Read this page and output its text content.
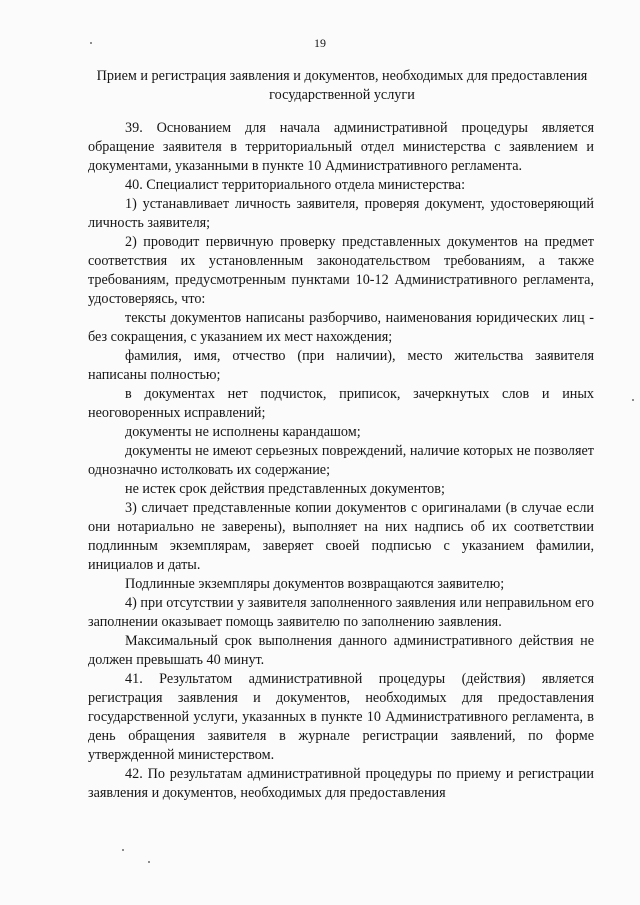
19
Прием и регистрация заявления и документов, необходимых для предоставления государственной услуги

39. Основанием для начала административной процедуры является обращение заявителя в территориальный отдел министерства с заявлением и документами, указанными в пункте 10 Административного регламента.

40. Специалист территориального отдела министерства:

1) устанавливает личность заявителя, проверяя документ, удостоверяющий личность заявителя;

2) проводит первичную проверку представленных документов на предмет соответствия их установленным законодательством требованиям, а также требованиям, предусмотренным пунктами 10-12 Административного регламента, удостоверяясь, что:

тексты документов написаны разборчиво, наименования юридических лиц - без сокращения, с указанием их мест нахождения;

фамилия, имя, отчество (при наличии), место жительства заявителя написаны полностью;

в документах нет подчисток, приписок, зачеркнутых слов и иных неоговоренных исправлений;

документы не исполнены карандашом;

документы не имеют серьезных повреждений, наличие которых не позволяет однозначно истолковать их содержание;

не истек срок действия представленных документов;

3) сличает представленные копии документов с оригиналами (в случае если они нотариально не заверены), выполняет на них надпись об их соответствии подлинным экземплярам, заверяет своей подписью с указанием фамилии, инициалов и даты.

Подлинные экземпляры документов возвращаются заявителю;

4) при отсутствии у заявителя заполненного заявления или неправильном его заполнении оказывает помощь заявителю по заполнению заявления.

Максимальный срок выполнения данного административного действия не должен превышать 40 минут.

41. Результатом административной процедуры (действия) является регистрация заявления и документов, необходимых для предоставления государственной услуги, указанных в пункте 10 Административного регламента, в день обращения заявителя в журнале регистрации заявлений, по форме утвержденной министерством.

42. По результатам административной процедуры по приему и регистрации заявления и документов, необходимых для предоставления
